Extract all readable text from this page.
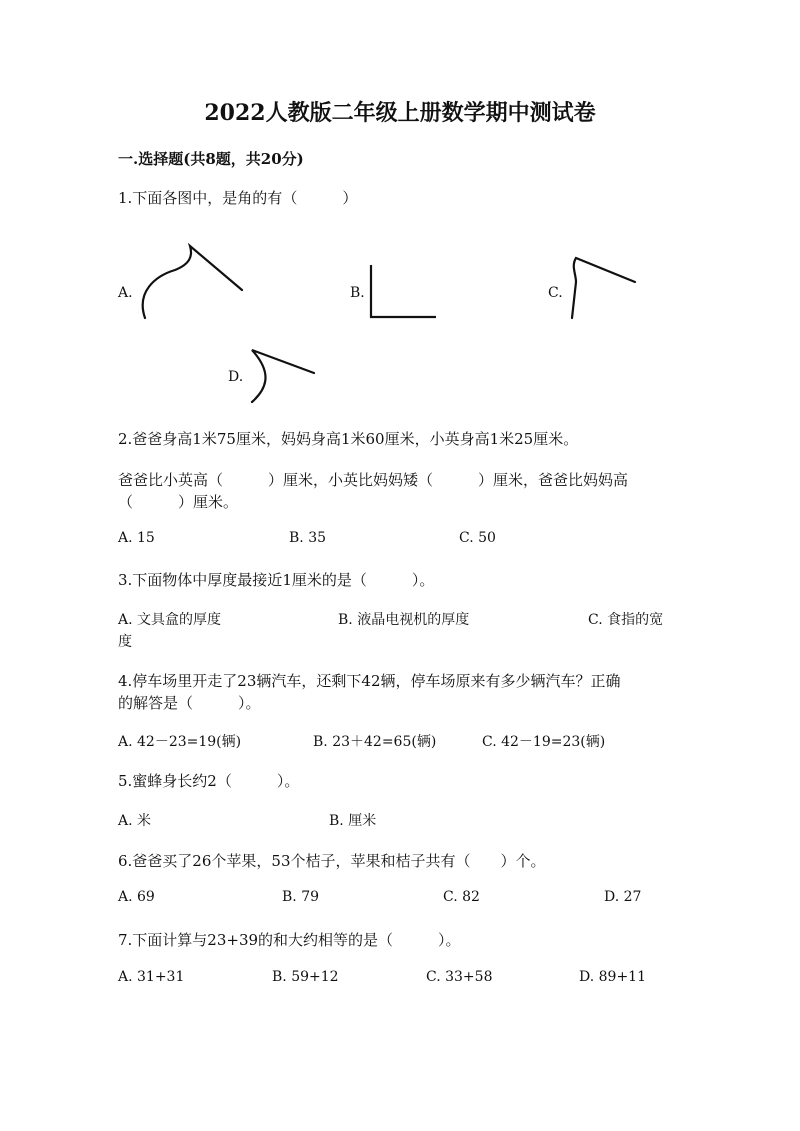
2022人教版二年级上册数学期中测试卷
一.选择题(共8题，共20分)
1.下面各图中，是角的有（　　　）
A.	B.	C.
D.
2.爸爸身高1米75厘米，妈妈身高1米60厘米，小英身高1米25厘米。
爸爸比小英高（　　　）厘米，小英比妈妈矮（　　　）厘米，爸爸比妈妈高
（　　　）厘米。
A. 15	B. 35	C. 50
3.下面物体中厚度最接近1厘米的是（　　　）。
A. 文具盒的厚度	B. 液晶电视机的厚度	C. 食指的宽
度
4.停车场里开走了23辆汽车，还剩下42辆，停车场原来有多少辆汽车？正确
的解答是（　　　）。
A. 42－23=19(辆)	B. 23＋42=65(辆)	C. 42－19=23(辆)
5.蜜蜂身长约2（　　　）。
A. 米	B. 厘米
6.爸爸买了26个苹果，53个桔子，苹果和桔子共有（　　）个。
A. 69	B. 79	C. 82	D. 27
7.下面计算与23+39的和大约相等的是（　　　）。
A. 31+31	B. 59+12	C. 33+58	D. 89+11
